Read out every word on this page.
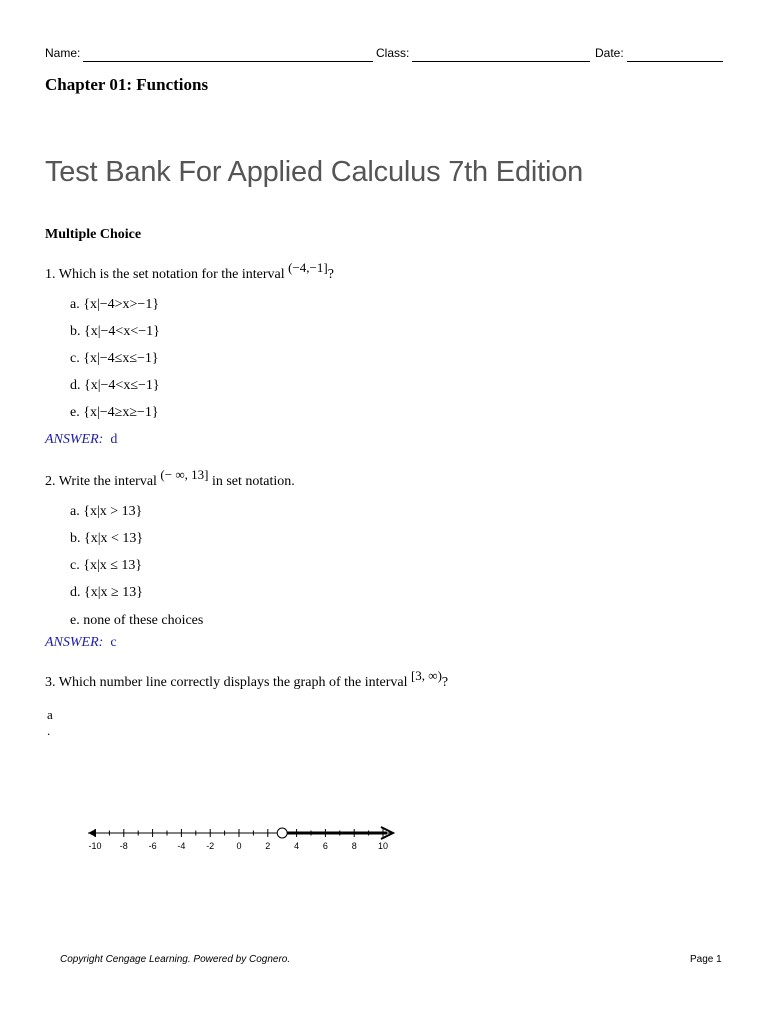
Name:	Class:	Date:
Chapter 01: Functions
Test Bank For Applied Calculus 7th Edition
Multiple Choice
1. Which is the set notation for the interval (−4,−1]?
a. {x|−4>x>−1}
b. {x|−4<x<−1}
c. {x|−4≤x≤−1}
d. {x|−4<x≤−1}
e. {x|−4≥x≥−1}
ANSWER: d
2. Write the interval (− ∞, 13] in set notation.
a. {x|x > 13}
b. {x|x < 13}
c. {x|x ≤ 13}
d. {x|x ≥ 13}
e. none of these choices
ANSWER: c
3. Which number line correctly displays the graph of the interval [3, ∞)?
a
.
-10 -8 -6 -4 -2 0	2	4	6	8 10
Copyright Cengage Learning. Powered by Cognero.	Page 1
